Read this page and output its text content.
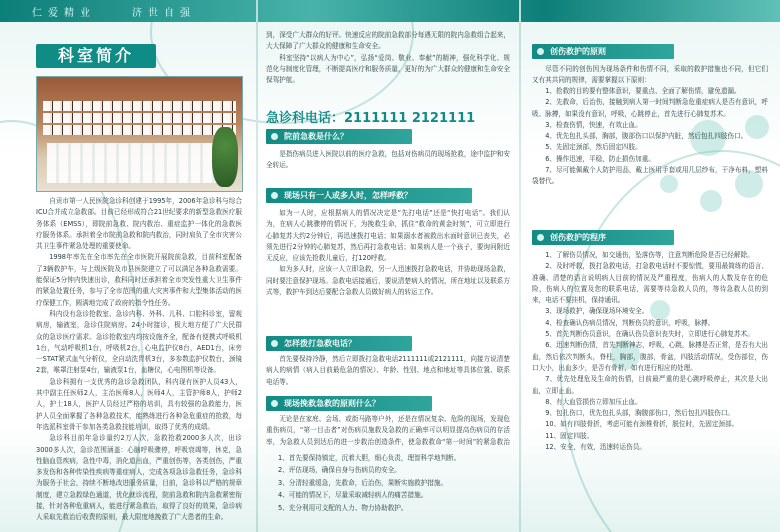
仁爱精业	济世自强
科室简介

自贡市第一人民医院急诊科创建于1995年，2006年急诊科与综合ICU合并成立急救部。目前已经形成符合21世纪要求的新型急救医疗服务体系（EMSS），即院前急救、院内救治、重症监护一体化的急救医疗服务体系。承担着全市院前急救和院内救治，同时肩负了全市灾害公共卫生事件紧急处理的重要使命。

1998年率先在全市率先在全市医院开展院前急救，目前科室配备了3辆救护车，与上级医院及市县医院建立了可以满足各种急救需要。能保证5分钟内快速出诊，救科同时还承担着全市突发性重大卫生事件的紧急处置任务，参与了全市范围的重大灾害事件和大型集体活动的医疗保健工作，圆满地完成了政府的指令性任务。

科内设有急诊抢救室、急诊内科、外科、儿科、口腔科诊室，留观病房，输液室，急诊住院病房。24小时接诊，极大地方便了广大民群众的急诊医疗需求。急诊抢救室内均按设施齐全，配备有便携式呼吸机1台，气动呼吸机1台，呼吸机2台，心电监护仪8台，AED1台，床旁一STAT紧式血气分析仪，全自动洗胃机3台，多参数监护仪数台，颈镜2套，喉罩注射泵4台，输液泵1台，血糖仪，心电图机等设备。

急诊科拥有一支优秀的急诊急救团队，科内现有医护人员43人，其中副主任医师2人，主治医师8人，医师4人，主管护师8人，护师2人，护士18人，医护人员经过严格的培训，具有较强的急救能力，医护人员全面掌握了各种急救技术，能熟练进行各种急危重症的抢救，每年选派科室骨干参加各类急救技能培训，取得了优秀的成绩。

急诊科目前年急诊量约2万人次，急救抢救2000多人次，出诊3000多人次，急诊范围涵盖：心脑呼吸骤停，呼吸衰竭等，休克，急性脑血管疾病，急性中毒，消化道出血，严重创伤等，各类创伤，严重多发伤和各种传染性疾病等重症病人，完成各项急诊急救任务，急诊科为服务于社会，持续不断地改进服务质量，目前，急诊科以严格的规章制度，建立急救绿色通道，优化就诊流程，院前急救和院内急救紧密衔接，针对各种危重病人，能进行紧急救治，取得了良好的效果，急诊病人采取先救治后收费的原则，最大限度地挽救了广大患者的生命。

到，深受广大群众的好评。快速反应的院前急救部分每遇无限的院内急救组合起来，大大保障了广大群众的健康和生命安全。

科室坚持“以病人为中心”，弘扬“爱岗、敬业、奉献”的精神，强化科学化、规范化与制度化管理，不断提高医疗和服务质量，更好的为广大群众的健康和生命安全保驾护航。

急诊科电话：2111111 2121111
院前急救是什么？

是指伤病员进入医院以前的医疗急救，包括对伤病员的现场抢救，途中监护和安全转运。

现场只有一人或多人时，怎样呼救？

如为一人时，应根据病人的情况决定是“先打电话”还是“快打电话”。我们认为，在病人心跳骤停的情况下，为挽救生命，抓住“救命的黄金时刻”，可立即进行心肺复苏大约2分钟后，再迅速拨打电话；如果溺水者被救出水面时意识已丧失，必须先进行2分钟的心肺复苏，然后再打急救电话；如果病人是一个孩子，要询问附近无反应，应该先抢救儿童后，打120呼救。

如为多人时，应该一人立即急救，另一人迅速拨打急救电话，并协助现场急救，同时要注意保护现场。急救电话接通后，要说清楚病人的情况，所在地址以及联系方式等，救护车到达后要配合急救人员做好病人的转运工作。

怎样拨打急救电话？

首先要保持冷静，然后立即拨打急救电话2111111或2121111，向接方说清楚病人的病情（病人目前最危急的情况）、年龄、性别、地点和地址等具体位置、联系电话等。

现场挽救急救的原则什么？

无论是在家庭、会场、或街马路等户外，还是在情况复杂、危险的现场，发现危重伤病员，“第一目击者”对伤病员施救及急救的正确率可以明显提高伤病员的存活率，为急救人员到达后的进一步救治创造条件，使急救救命“第一时间”的紧急救治

1、首先要保持镇定，沉着大胆，细心负责，理智科学地判断。
2、评估现场，确保自身与伤病员的安全。
3、分清轻重缓急，先救命，后治伤，果断实施救护措施。
4、可能的情况下，尽量采取减轻病人的痛苦措施。
5、充分利用可支配的人力、物力协助救护。
创伤救护的原则

尽管不同的创伤因为现场条件和伤情不同，采取的救护措施也不同，但它们又有其共同的规律，需要掌握以下原则：

1、抢救的目的要有整体意识，要重点、全面了解伤情，避免遗漏。

2、先救命，后治伤，接触到病人第一时间判断急危重症病人是否有意识，呼吸、脉搏，如果没有意识，呼吸，心跳停止，首先进行心肺复苏术。

3、检查伤情，快速，有效止血。

4、优先包扎头部，胸部，腹部伤口以保护内脏，然后包扎四肢伤口。

5、先固定颈部，然后固定四肢。

6、操作迅速，平稳，防止损伤加重。

7、尽可能佩戴个人防护用品，戴上医用手套或用几层纱布，干净布料，塑料袋替代。

创伤救护的程序

1、了解伤员情况，如交通伤，坠落伤等，注意判断危险是否已经解除。

2、及时呼救，拨打急救电话，打急救电话时不要惊慌，要用最简练的语言、准确、清楚的语言说明病人目前的情况及严重程度，伤病人的人数及存在的危险，伤病人的位置及您的联系电话，需要等待急救人员的，等待急救人员的到来，电话不要挂机，保持通讯。

3、现场救护，确保现场环境安全。

4、检查确认伤病员情况，判断伤员的意识，呼吸，脉搏。

5、首先判断伤员意识，在确认伤员意识丧失时，立即进行心肺复苏术。

6、迅速判断伤情，首先判断神志，呼吸，心跳，脉搏是否正常，是否有大出血，然后依次判断头，脊柱，胸部，腹部，骨盆，四肢活动情况，受伤部位，伤口大小，出血多少，是否有骨折，如有进行相应的处理。

7、优先处理危及生命的伤情，目前最严重的是心跳呼吸停止，其次是大出血，立即止血。

8、有大血管损伤立即加压止血。

9、包扎伤口，优先包扎头部，胸腹部伤口，然后包扎四肢伤口。

10、如有四肢骨折，考虑可能有颈椎骨折，脱位时，先固定颈部。

11、固定四肢。

12、安全，有效，迅速转运伤员。
